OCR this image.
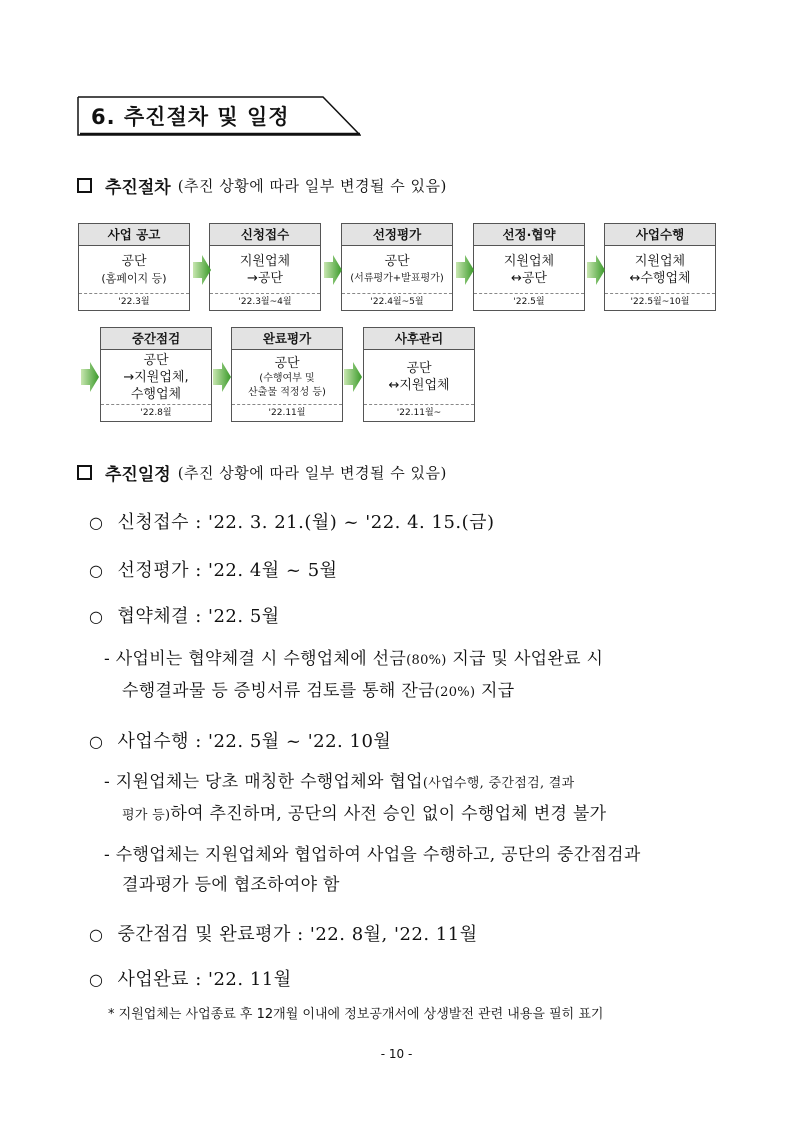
6. 추진절차 및 일정
추진절차 (추진 상황에 따라 일부 변경될 수 있음)
사업 공고
공단
(홈페이지 등)
'22.3월
신청접수
지원업체
→공단
'22.3월~4월
선정평가
공단
(서류평가+발표평가)
'22.4월~5월
선정·협약
지원업체
↔공단
'22.5월
사업수행
지원업체
↔수행업체
'22.5월~10월
중간점검
공단
→지원업체,
수행업체
'22.8월
완료평가
공단
(수행여부 및
산출물 적정성 등)
'22.11월
사후관리
공단
↔지원업체
'22.11월~
추진일정 (추진 상황에 따라 일부 변경될 수 있음)
○ 신청접수 : '22. 3. 21.(월) ~ '22. 4. 15.(금)
○ 선정평가 : '22. 4월 ~ 5월
○ 협약체결 : '22. 5월
- 사업비는 협약체결 시 수행업체에 선금(80%) 지급 및 사업완료 시
수행결과물 등 증빙서류 검토를 통해 잔금(20%) 지급
○ 사업수행 : '22. 5월 ~ '22. 10월
- 지원업체는 당초 매칭한 수행업체와 협업(사업수행, 중간점검, 결과
평가 등)하여 추진하며, 공단의 사전 승인 없이 수행업체 변경 불가
- 수행업체는 지원업체와 협업하여 사업을 수행하고, 공단의 중간점검과
결과평가 등에 협조하여야 함
○ 중간점검 및 완료평가 : '22. 8월, '22. 11월
○ 사업완료 : '22. 11월
* 지원업체는 사업종료 후 12개월 이내에 정보공개서에 상생발전 관련 내용을 필히 표기
- 10 -
